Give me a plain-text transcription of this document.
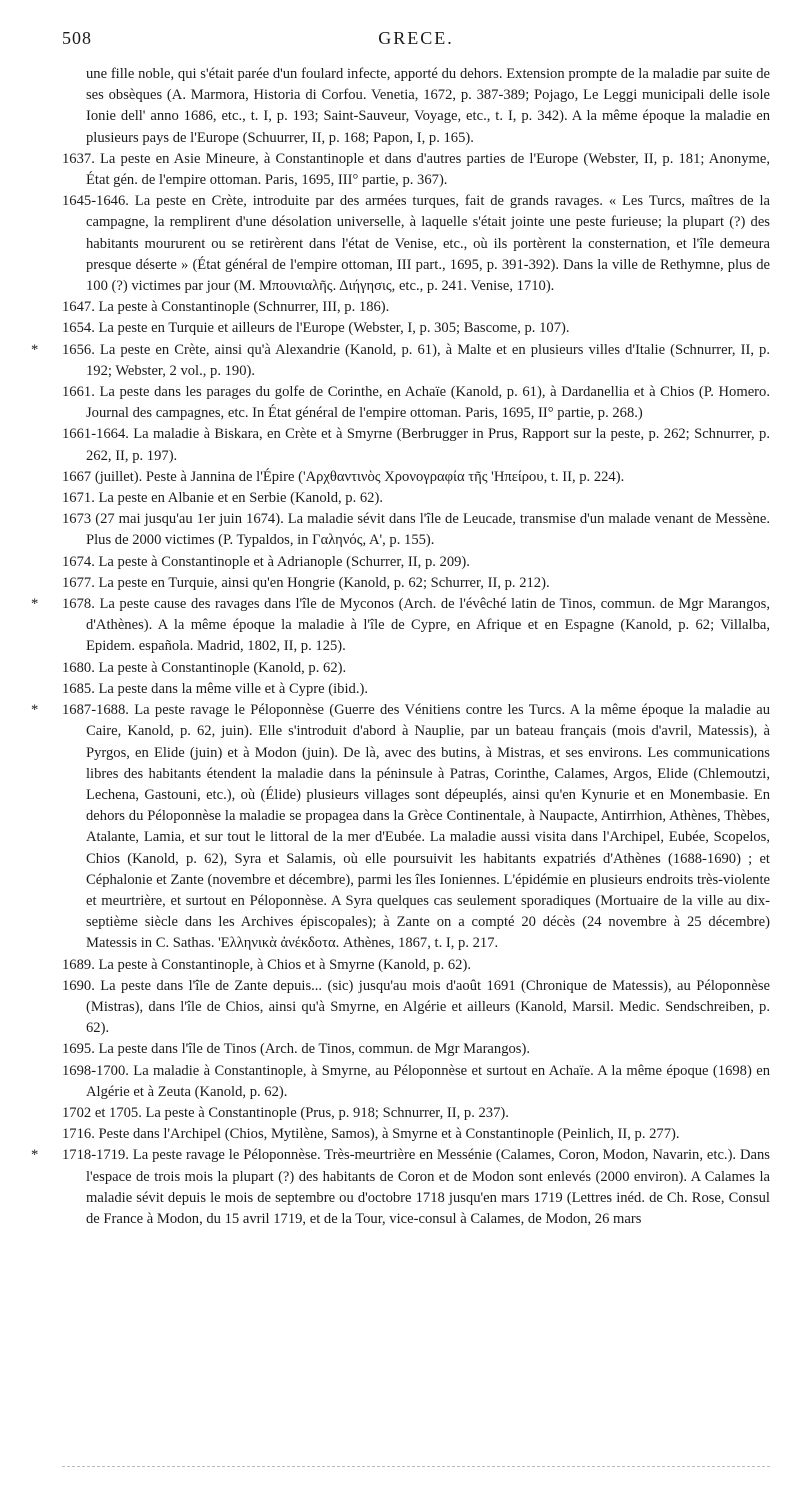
508	GRECE.

une fille noble, qui s'était parée d'un foulard infecte, apporté du dehors. Extension prompte de la maladie par suite de ses obsèques (A. Marmora, Historia di Corfou. Venetia, 1672, p. 387-389; Pojago, Le Leggi municipali delle isole Ionie dell' anno 1686, etc., t. I, p. 193; Saint-Sauveur, Voyage, etc., t. I, p. 342). A la même époque la maladie en plusieurs pays de l'Europe (Schuurrer, II, p. 168; Papon, I, p. 165).

1637. La peste en Asie Mineure, à Constantinople et dans d'autres parties de l'Europe (Webster, II, p. 181; Anonyme, État gén. de l'empire ottoman. Paris, 1695, III° partie, p. 367).

1645-1646. La peste en Crète, introduite par des armées turques, fait de grands ravages. « Les Turcs, maîtres de la campagne, la remplirent d'une désolation universelle, à laquelle s'était jointe une peste furieuse; la plupart (?) des habitants moururent ou se retirèrent dans l'état de Venise, etc., où ils portèrent la consternation, et l'île demeura presque déserte » (État général de l'empire ottoman, III part., 1695, p. 391-392). Dans la ville de Rethymne, plus de 100 (?) victimes par jour (M. Μπουνιαλῆς. Διήγησις, etc., p. 241. Venise, 1710).

1647. La peste à Constantinople (Schnurrer, III, p. 186).

1654. La peste en Turquie et ailleurs de l'Europe (Webster, I, p. 305; Bascome, p. 107).

* 1656. La peste en Crète, ainsi qu'à Alexandrie (Kanold, p. 61), à Malte et en plusieurs villes d'Italie (Schnurrer, II, p. 192; Webster, 2 vol., p. 190).

1661. La peste dans les parages du golfe de Corinthe, en Achaïe (Kanold, p. 61), à Dardanellia et à Chios (P. Homero. Journal des campagnes, etc. In État général de l'empire ottoman. Paris, 1695, II° partie, p. 268.)

1661-1664. La maladie à Biskara, en Crète et à Smyrne (Berbrugger in Prus, Rapport sur la peste, p. 262; Schnurrer, p. 262, II, p. 197).

1667 (juillet). Peste à Jannina de l'Épire ('Αρχθαντινὸς Χρονογραφία τῆς 'Ηπείρου, t. II, p. 224).

1671. La peste en Albanie et en Serbie (Kanold, p. 62).

1673 (27 mai jusqu'au 1er juin 1674). La maladie sévit dans l'île de Leucade, transmise d'un malade venant de Messène. Plus de 2000 victimes (P. Typaldos, in Γαληνός, Α', p. 155).

1674. La peste à Constantinople et à Adrianople (Schurrer, II, p. 209).

1677. La peste en Turquie, ainsi qu'en Hongrie (Kanold, p. 62; Schurrer, II, p. 212).

* 1678. La peste cause des ravages dans l'île de Myconos (Arch. de l'évêché latin de Tinos, commun. de Mgr Marangos, d'Athènes). A la même époque la maladie à l'île de Cypre, en Afrique et en Espagne (Kanold, p. 62; Villalba, Epidem. española. Madrid, 1802, II, p. 125).

1680. La peste à Constantinople (Kanold, p. 62).

1685. La peste dans la même ville et à Cypre (ibid.).

* 1687-1688. La peste ravage le Péloponnèse (Guerre des Vénitiens contre les Turcs. A la même époque la maladie au Caire, Kanold, p. 62, juin). Elle s'introduit d'abord à Nauplie, par un bateau français (mois d'avril, Matessis), à Pyrgos, en Elide (juin) et à Modon (juin). De là, avec des butins, à Mistras, et ses environs. Les communications libres des habitants étendent la maladie dans la péninsule à Patras, Corinthe, Calames, Argos, Elide (Chlemoutzi, Lechena, Gastouni, etc.), où (Élide) plusieurs villages sont dépeuplés, ainsi qu'en Kynurie et en Monembasie. En dehors du Péloponnèse la maladie se propagea dans la Grèce Continentale, à Naupacte, Antirrhion, Athènes, Thèbes, Atalante, Lamia, et sur tout le littoral de la mer d'Eubée. La maladie aussi visita dans l'Archipel, Eubée, Scopelos, Chios (Kanold, p. 62), Syra et Salamis, où elle poursuivit les habitants expatriés d'Athènes (1688-1690) ; et Céphalonie et Zante (novembre et décembre), parmi les îles Ioniennes. L'épidémie en plusieurs endroits très-violente et meurtrière, et surtout en Péloponnèse. A Syra quelques cas seulement sporadiques (Mortuaire de la ville au dix-septième siècle dans les Archives épiscopales); à Zante on a compté 20 décès (24 novembre à 25 décembre) Matessis in C. Sathas. 'Ελληνικὰ ἀνέκδοτα. Athènes, 1867, t. I, p. 217.

1689. La peste à Constantinople, à Chios et à Smyrne (Kanold, p. 62).

1690. La peste dans l'île de Zante depuis... (sic) jusqu'au mois d'août 1691 (Chronique de Matessis), au Péloponnèse (Mistras), dans l'île de Chios, ainsi qu'à Smyrne, en Algérie et ailleurs (Kanold, Marsil. Medic. Sendschreiben, p. 62).

1695. La peste dans l'île de Tinos (Arch. de Tinos, commun. de Mgr Marangos).

1698-1700. La maladie à Constantinople, à Smyrne, au Péloponnèse et surtout en Achaïe. A la même époque (1698) en Algérie et à Zeuta (Kanold, p. 62).

1702 et 1705. La peste à Constantinople (Prus, p. 918; Schnurrer, II, p. 237).

1716. Peste dans l'Archipel (Chios, Mytilène, Samos), à Smyrne et à Constantinople (Peinlich, II, p. 277).

* 1718-1719. La peste ravage le Péloponnèse. Très-meurtrière en Messénie (Calames, Coron, Modon, Navarin, etc.). Dans l'espace de trois mois la plupart (?) des habitants de Coron et de Modon sont enlevés (2000 environ). A Calames la maladie sévit depuis le mois de septembre ou d'octobre 1718 jusqu'en mars 1719 (Lettres inéd. de Ch. Rose, Consul de France à Modon, du 15 avril 1719, et de la Tour, vice-consul à Calames, de Modon, 26 mars
